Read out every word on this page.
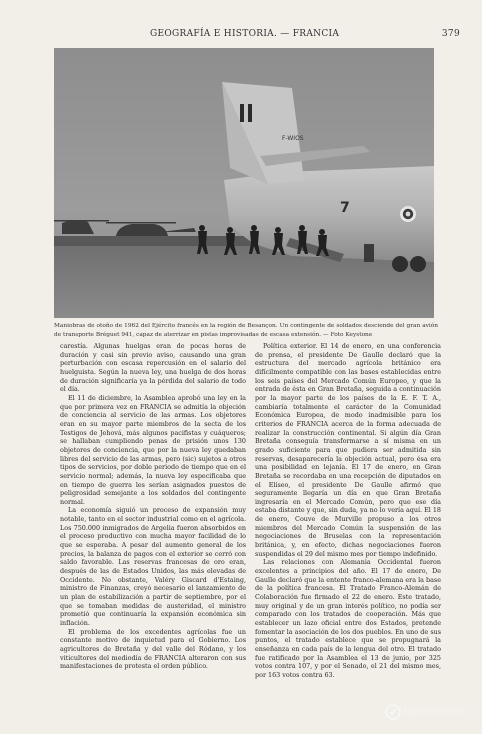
GEOGRAFÍA E HISTORIA. — FRANCIA	379
F-WIOS
7
Maniobras de otoño de 1962 del Ejército francés en la región de Besançon. Un contingente de soldados desciende del gran avión de transporte Bréguet 941, capaz de aterrizar en pistas improvisadas de escasa extensión. — Foto Keystone

carestía. Algunas huelgas eran de pocas horas de duración y casi sin previo aviso, causando una gran perturbación con escasa repercusión en el salario del huelguista. Según la nueva ley, una huelga de dos horas de duración significaría ya la pérdida del salario de todo el día.

El 11 de diciembre, la Asamblea aprobó una ley en la que por primera vez en FRANCIA se admitía la objeción de conciencia al servicio de las armas. Los objetores eran en su mayor parte miembros de la secta de los Testigos de Jehová, más algunos pacifistas y cuáqueros; se hallaban cumpliendo penas de prisión unos 130 objetores de conciencia, que por la nueva ley quedaban libres del servicio de las armas, pero (sic) sujetos a otros tipos de servicios, por doble periodo de tiempo que en el servicio normal; además, la nueva ley especificaba que en tiempo de guerra les serían asignados puestos de peligrosidad semejante a los soldados del contingente normal.

La economía siguió un proceso de expansión muy notable, tanto en el sector industrial como en el agrícola. Los 750.000 inmigrados de Argelia fueron absorbidos en el proceso productivo con mucha mayor facilidad de lo que se esperaba. A pesar del aumento general de los precios, la balanza de pagos con el exterior se cerró con saldo favorable. Las reservas francesas de oro eran, después de las de Estados Unidos, las más elevadas de Occidente. No obstante, Valéry Giscard d'Estaing, ministro de Finanzas, creyó necesario el lanzamiento de un plan de estabilización a partir de septiembre, por el que se tomaban medidas de austeridad, el ministro prometió que continuaría la expansión económica sin inflación.

El problema de los excedentes agrícolas fue un constante motivo de inquietud para el Gobierno. Los agricultores de Bretaña y del valle del Ródano, y los viticultores del mediodía de FRANCIA alteraron con sus manifestaciones de protesta el orden público.

Política exterior. El 14 de enero, en una conferencia de prensa, el presidente De Gaulle declaró que la estructura del mercado agrícola británico era difícilmente compatible con las bases establecidas entre los seis países del Mercado Común Europeo, y que la entrada de ésta en Gran Bretaña, seguida a continuación por la mayor parte de los países de la E. F. T. A., cambiaría totalmente el carácter de la Comunidad Económica Europea, de modo inadmisible para los criterios de FRANCIA acerca de la forma adecuada de realizar la construcción continental. Si algún día Gran Bretaña conseguía transformarse a sí misma en un grado suficiente para que pudiera ser admitida sin reservas, desaparecería la objeción actual, pero ésa era una posibilidad en lejanía. El 17 de enero, en Gran Bretaña se recordaba en una recepción de diputados en el Elíseo, el presidente De Gaulle afirmó que seguramente llegaría un día en que Gran Bretaña ingresaría en el Mercado Común, pero que ese día estaba distante y que, sin duda, ya no lo vería aquí. El 18 de enero, Couve de Murville propuso a los otros miembros del Mercado Común la suspensión de las negociaciones de Bruselas con la representación británica, y, en efecto, dichas negociaciones fueron suspendidas el 29 del mismo mes por tiempo indefinido.

Las relaciones con Alemania Occidental fueron excelentes a principios del año. El 17 de enero, De Gaulle declaró que la entente franco-alemana era la base de la política francesa. El Tratado Franco-Alemán de Colaboración fue firmado el 22 de enero. Este tratado, muy original y de un gran interés político, no podía ser comparado con los tratados de cooperación. Más que establecer un lazo oficial entre dos Estados, pretende fomentar la asociación de los dos pueblos. En uno de sus puntos, el tratado establece que se propugnará la enseñanza en cada país de la lengua del otro. El tratado fue ratificado por la Asamblea el 13 de junio, por 325 votos contra 107, y por el Senado, el 21 del mismo mes, por 163 votos contra 63.

todocoleccion
